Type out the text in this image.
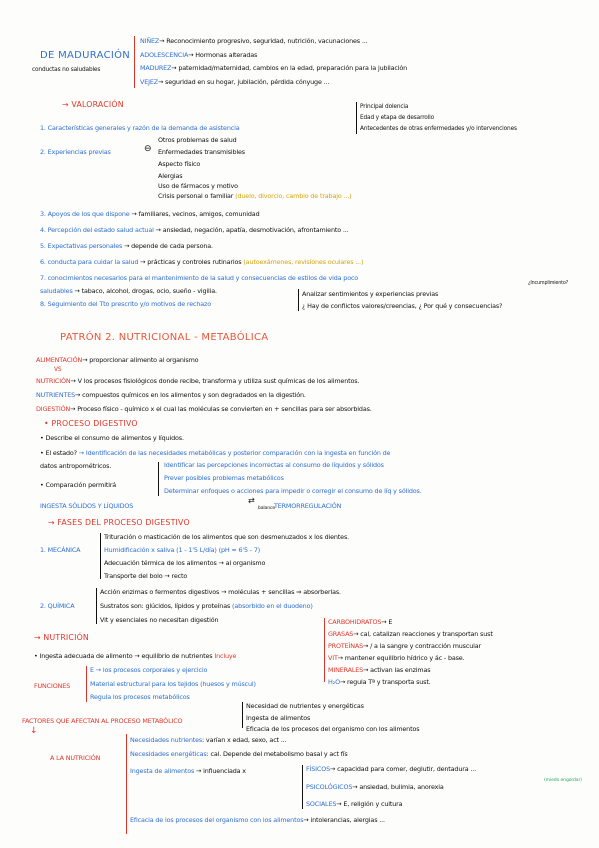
DE MADURACIÓN
conductas no saludables
NIÑEZ→ Reconocimiento progresivo, seguridad, nutrición, vacunaciones ...
ADOLESCENCIA→ Hormonas alteradas
MADUREZ→ paternidad/maternidad, cambios en la edad, preparación para la jubilación
VEJEZ→ seguridad en su hogar, jubilación, pérdida cónyuge ...
→ VALORACIÓN	Principal dolencia
Edad y etapa de desarrollo
Antecedentes de otras enfermedades y/o intervenciones
1. Características generales y razón de la demanda de asistencia
2. Experiencias previas	⊖
Otros problemas de salud
Enfermedades transmisibles
Aspecto físico
Alergias
Uso de fármacos y motivo
Crisis personal o familiar (duelo, divorcio, cambio de trabajo ...)
3. Apoyos de los que dispone → familiares, vecinos, amigos, comunidad
4. Percepción del estado salud actual → ansiedad, negación, apatía, desmotivación, afrontamiento ...
5. Expectativas personales → depende de cada persona.
6. conducta para cuidar la salud → prácticas y controles rutinarios (autoexámenes, revisiones oculares ...)
7. conocimientos necesarios para el mantenimiento de la salud y consecuencias de estilos de vida poco
saludables → tabaco, alcohol, drogas, ocio, sueño - vigilia.
8. Seguimiento del Tto prescrito y/o motivos de rechazo
Analizar sentimientos y experiencias previas
¿ Hay de conflictos valores/creencias, ¿ Por qué y consecuencias?
¿Incumplimiento?
PATRÓN 2. NUTRICIONAL - METABÓLICA
ALIMENTACIÓN→ proporcionar alimento al organismo
VS
NUTRICIÓN→ V los procesos fisiológicos donde recibe, transforma y utiliza sust químicas de los alimentos.
NUTRIENTES→ compuestos químicos en los alimentos y son degradados en la digestión.
DIGESTIÓN→ Proceso físico - químico x el cual las moléculas se convierten en + sencillas para ser absorbidas.
• PROCESO DIGESTIVO
• Describe el consumo de alimentos y líquidos.
• El estado? → Identificación de las necesidades metabólicas y posterior comparación con la ingesta en función de
datos antropométricos.
• Comparación permitirá
Identificar las percepciones incorrectas al consumo de líquidos y sólidos
Prever posibles problemas metabólicos
Determinar enfoques o acciones para impedir o corregir el consumo de líq y sólidos.
INGESTA SÓLIDOS Y LÍQUIDOS	balance
⇄
TERMORREGULACIÓN
→ FASES DEL PROCESO DIGESTIVO
1. MECÁNICA
Trituración o masticación de los alimentos que son desmenuzados x los dientes.
Humidificación x saliva (1 - 1'5 L/día) (pH ≈ 6'5 - 7)
Adecuación térmica de los alimentos → al organismo
Transporte del bolo → recto
2. QUÍMICA
Acción enzimas o fermentos digestivos → moléculas + sencillas ⇒ absorberlas.
Sustratos son: glúcidos, lípidos y proteínas (absorbido en el duodeno)
Vit y esenciales no necesitan digestión
→ NUTRICIÓN
• Ingesta adecuada de alimento → equilibrio de nutrientes Incluye
CARBOHIDRATOS→ E
GRASAS→ cal, catalizan reacciones y transportan sust
PROTEÍNAS→ / a la sangre y contracción muscular
VIT→ mantener equilibrio hídrico y ác - base.
MINERALES→ activan las enzimas
H₂O→ regula Tª y transporta sust.
FUNCIONES
E → los procesos corporales y ejercicio
Material estructural para los tejidos (huesos y múscul)
Regula los procesos metabólicos
FACTORES QUE AFECTAN AL PROCESO METABÓLICO
↓
Necesidad de nutrientes y energéticas
Ingesta de alimentos
Eficacia de los procesos del organismo con los alimentos
A LA NUTRICIÓN
Necesidades nutrientes: varían x edad, sexo, act ...
Necesidades energéticas: cal. Depende del metabolismo basal y act fís
Ingesta de alimentos → influenciada x	FÍSICOS→ capacidad para comer, deglutir, dentadura ...
PSICOLÓGICOS→ ansiedad, bulimia, anorexia
(miedo engordar)
SOCIALES→ E, religión y cultura
Eficacia de los procesos del organismo con los alimentos→ intolerancias, alergias ...
